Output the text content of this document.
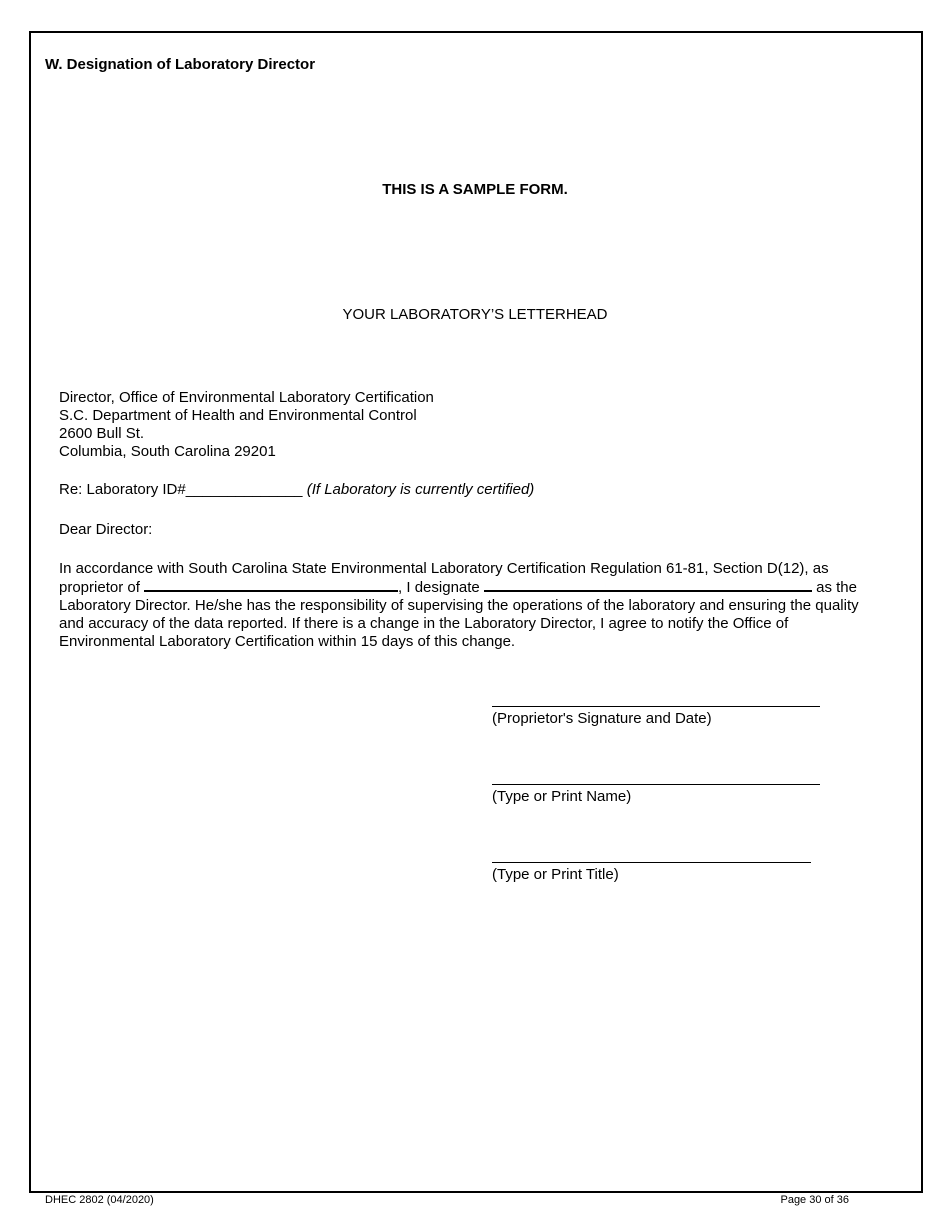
W. Designation of Laboratory Director
THIS IS A SAMPLE FORM.
YOUR LABORATORY’S LETTERHEAD
Director, Office of Environmental Laboratory Certification
S.C. Department of Health and Environmental Control
2600 Bull St.
Columbia, South Carolina 29201
Re: Laboratory ID#______________ (If Laboratory is currently certified)
Dear Director:
In accordance with South Carolina State Environmental Laboratory Certification Regulation 61-81, Section D(12), as
proprietor of	, I designate	as the
Laboratory Director. He/she has the responsibility of supervising the operations of the laboratory and ensuring the quality
and accuracy of the data reported. If there is a change in the Laboratory Director, I agree to notify the Office of
Environmental Laboratory Certification within 15 days of this change.
(Proprietor's Signature and Date)
(Type or Print Name)
(Type or Print Title)
DHEC 2802 (04/2020)	Page 30 of 36
